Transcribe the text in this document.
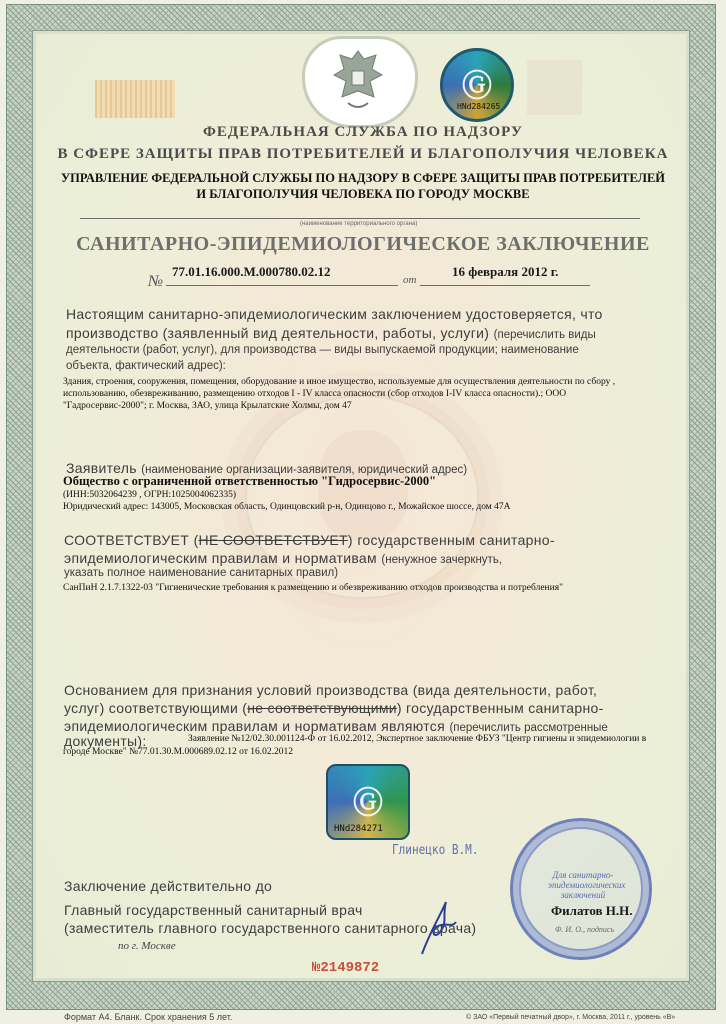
Ⓖ
HNd284265
ФЕДЕРАЛЬНАЯ СЛУЖБА ПО НАДЗОРУ
В СФЕРЕ ЗАЩИТЫ ПРАВ ПОТРЕБИТЕЛЕЙ И БЛАГОПОЛУЧИЯ ЧЕЛОВЕКА
УПРАВЛЕНИЕ ФЕДЕРАЛЬНОЙ СЛУЖБЫ ПО НАДЗОРУ В СФЕРЕ ЗАЩИТЫ ПРАВ ПОТРЕБИТЕЛЕЙ
И БЛАГОПОЛУЧИЯ ЧЕЛОВЕКА ПО ГОРОДУ МОСКВЕ
(наименование территориального органа)
САНИТАРНО-ЭПИДЕМИОЛОГИЧЕСКОЕ ЗАКЛЮЧЕНИЕ
№
77.01.16.000.М.000780.02.12
от
16 февраля 2012 г.
Настоящим санитарно-эпидемиологическим заключением удостоверяется, что
производство (заявленный вид деятельности, работы, услуги) (перечислить виды
деятельности (работ, услуг), для производства — виды выпускаемой продукции; наименование
объекта, фактический адрес):
Здания, строения, сооружения, помещения, оборудование и иное имущество, используемые для осуществления деятельности по сбору ,
использованию, обезвреживанию, размещению отходов I - IV класса опасности (сбор отходов I-IV класса опасности).; ООО
"Гадросервис-2000"; г. Москва, ЗАО, улица Крылатские Холмы, дом 47
Заявитель (наименование организации-заявителя, юридический адрес)
Общество с ограниченной ответственностью "Гидросервис-2000"
(ИНН:5032064239 , ОГРН:1025004062335)
Юридический адрес: 143005, Московская область, Одинцовский р-н, Одинцово г., Можайское шоссе, дом 47А
СООТВЕТСТВУЕТ (НЕ СООТВЕТСТВУЕТ) государственным санитарно-
эпидемиологическим правилам и нормативам (ненужное зачеркнуть,
указать полное наименование санитарных правил)
СанПиН 2.1.7.1322-03 "Гигиенические требования к размещению и обезвреживанию отходов производства и потребления"
Основанием для признания условий производства (вида деятельности, работ,
услуг) соответствующими (не соответствующими) государственным санитарно-
эпидемиологическим правилам и нормативам являются (перечислить рассмотренные
документы):	Заявление №12/02.30.001124-Ф от 16.02.2012, Экспертное заключение ФБУЗ "Центр гигиены и эпидемиологии в
городе Москве" №77.01.30.М.000689.02.12 от 16.02.2012
Ⓖ
HNd284271
Глинецко В.М.
Заключение действительно до
Главный государственный санитарный врач
(заместитель главного государственного санитарного врача)
по г. Москве
Для санитарно-эпидемиологических заключений
Филатов Н.Н.
Ф. И. О., подпись
№2149872
Формат А4. Бланк. Срок хранения 5 лет.	© ЗАО «Первый печатный двор», г. Москва, 2011 г., уровень «В»
